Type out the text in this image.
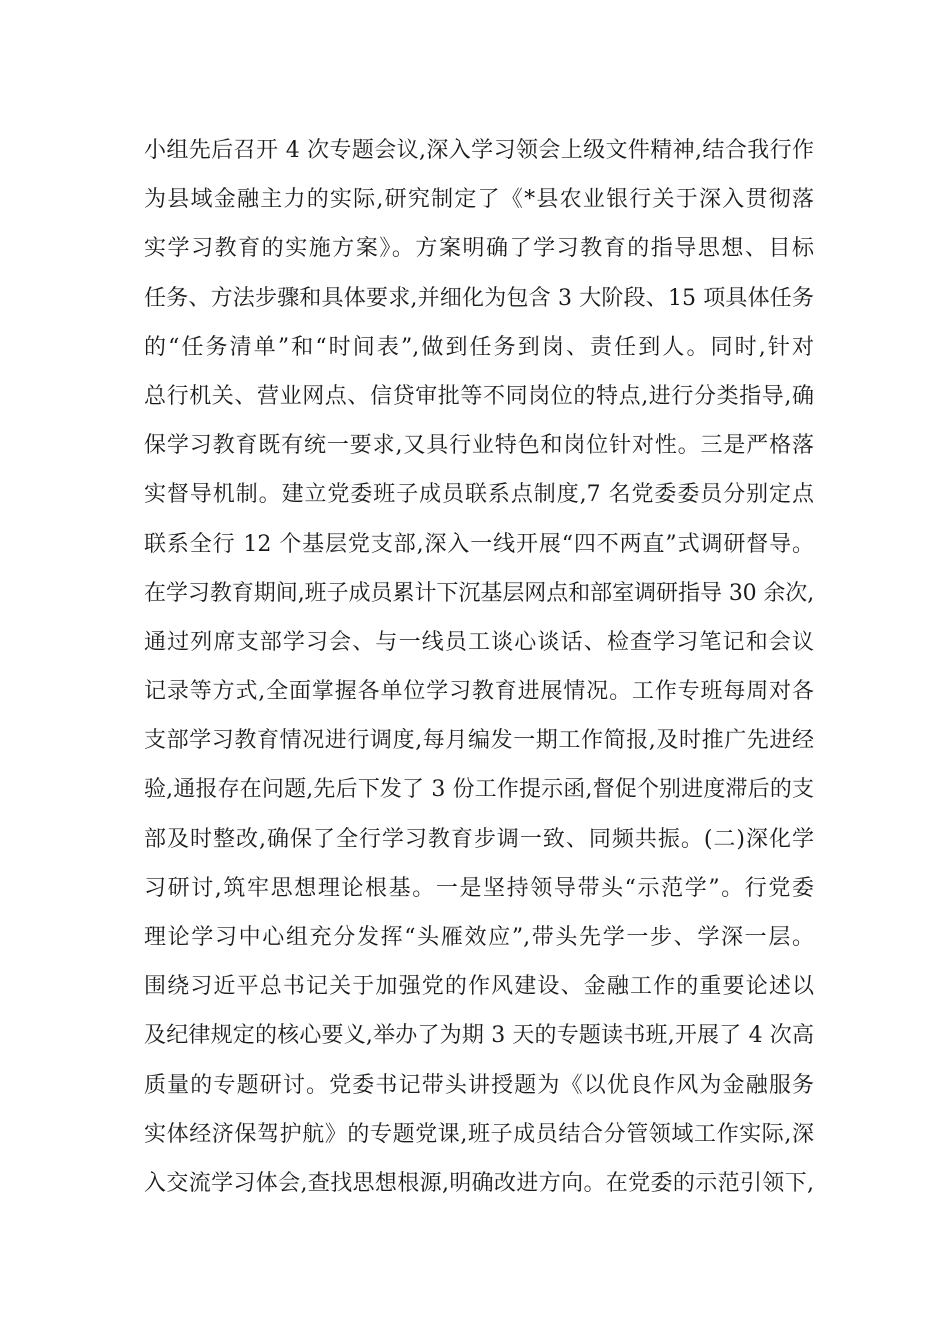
小组先后召开 4 次专题会议,深入学习领会上级文件精神,结合我行作
为县域金融主力的实际,研究制定了《*县农业银行关于深入贯彻落
实学习教育的实施方案》。方案明确了学习教育的指导思想、目标
任务、方法步骤和具体要求,并细化为包含 3 大阶段、15 项具体任务
的“任务清单”和“时间表”,做到任务到岗、责任到人。同时,针对
总行机关、营业网点、信贷审批等不同岗位的特点,进行分类指导,确
保学习教育既有统一要求,又具行业特色和岗位针对性。三是严格落
实督导机制。建立党委班子成员联系点制度,7 名党委委员分别定点
联系全行 12 个基层党支部,深入一线开展“四不两直”式调研督导。
在学习教育期间,班子成员累计下沉基层网点和部室调研指导 30 余次,
通过列席支部学习会、与一线员工谈心谈话、检查学习笔记和会议
记录等方式,全面掌握各单位学习教育进展情况。工作专班每周对各
支部学习教育情况进行调度,每月编发一期工作简报,及时推广先进经
验,通报存在问题,先后下发了 3 份工作提示函,督促个别进度滞后的支
部及时整改,确保了全行学习教育步调一致、同频共振。(二)深化学
习研讨,筑牢思想理论根基。一是坚持领导带头“示范学”。行党委
理论学习中心组充分发挥“头雁效应”,带头先学一步、学深一层。
围绕习近平总书记关于加强党的作风建设、金融工作的重要论述以
及纪律规定的核心要义,举办了为期 3 天的专题读书班,开展了 4 次高
质量的专题研讨。党委书记带头讲授题为《以优良作风为金融服务
实体经济保驾护航》的专题党课,班子成员结合分管领域工作实际,深
入交流学习体会,查找思想根源,明确改进方向。在党委的示范引领下,
